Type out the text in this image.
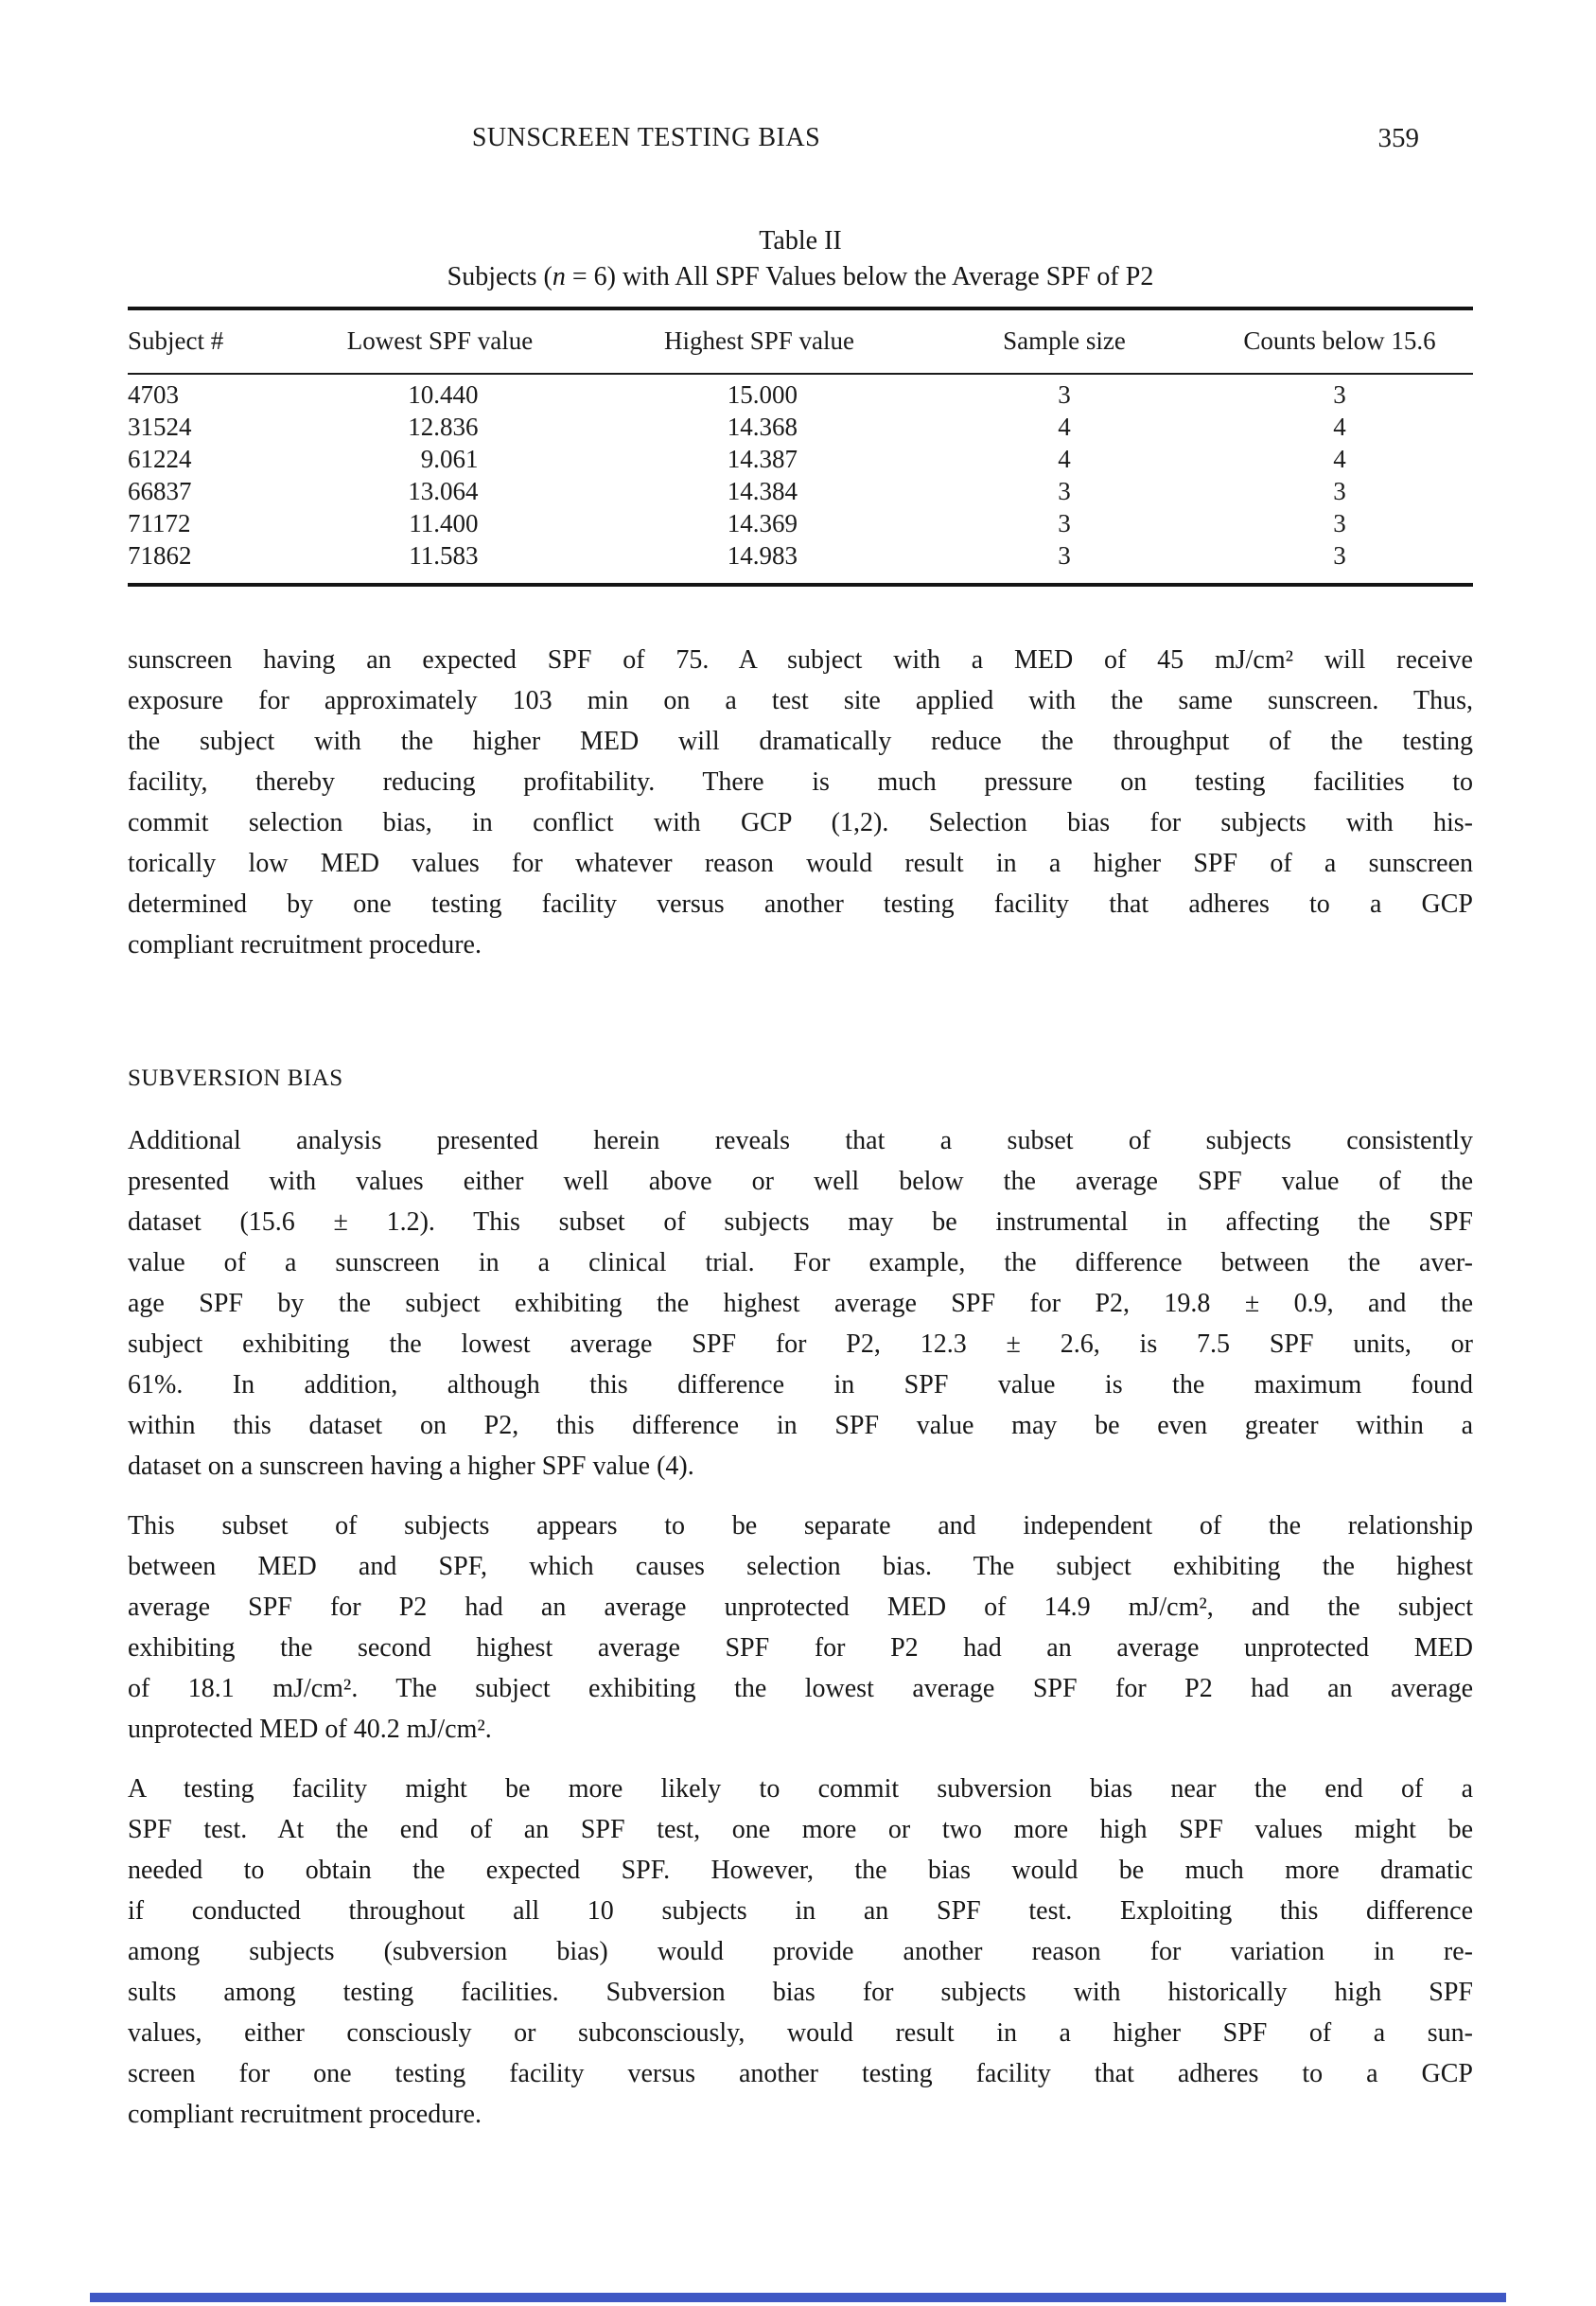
SUNSCREEN TESTING BIAS	359
Table II
Subjects (n = 6) with All SPF Values below the Average SPF of P2
Subject #	Lowest SPF value	Highest SPF value	Sample size	Counts below 15.6
4703	10.440	15.000	3	3
31524	12.836	14.368	4	4
61224	9.061	14.387	4	4
66837	13.064	14.384	3	3
71172	11.400	14.369	3	3
71862	11.583	14.983	3	3
sunscreen having an expected SPF of 75. A subject with a MED of 45 mJ/cm² will receive
exposure for approximately 103 min on a test site applied with the same sunscreen. Thus,
the subject with the higher MED will dramatically reduce the throughput of the testing
facility, thereby reducing profitability. There is much pressure on testing facilities to
commit selection bias, in conflict with GCP (1,2). Selection bias for subjects with his-
torically low MED values for whatever reason would result in a higher SPF of a sunscreen
determined by one testing facility versus another testing facility that adheres to a GCP
compliant recruitment procedure.
SUBVERSION BIAS
Additional analysis presented herein reveals that a subset of subjects consistently
presented with values either well above or well below the average SPF value of the
dataset (15.6 ± 1.2). This subset of subjects may be instrumental in affecting the SPF
value of a sunscreen in a clinical trial. For example, the difference between the aver-
age SPF by the subject exhibiting the highest average SPF for P2, 19.8 ± 0.9, and the
subject exhibiting the lowest average SPF for P2, 12.3 ± 2.6, is 7.5 SPF units, or
61%. In addition, although this difference in SPF value is the maximum found
within this dataset on P2, this difference in SPF value may be even greater within a
dataset on a sunscreen having a higher SPF value (4).
This subset of subjects appears to be separate and independent of the relationship
between MED and SPF, which causes selection bias. The subject exhibiting the highest
average SPF for P2 had an average unprotected MED of 14.9 mJ/cm², and the subject
exhibiting the second highest average SPF for P2 had an average unprotected MED
of 18.1 mJ/cm². The subject exhibiting the lowest average SPF for P2 had an average
unprotected MED of 40.2 mJ/cm².
A testing facility might be more likely to commit subversion bias near the end of a
SPF test. At the end of an SPF test, one more or two more high SPF values might be
needed to obtain the expected SPF. However, the bias would be much more dramatic
if conducted throughout all 10 subjects in an SPF test. Exploiting this difference
among subjects (subversion bias) would provide another reason for variation in re-
sults among testing facilities. Subversion bias for subjects with historically high SPF
values, either consciously or subconsciously, would result in a higher SPF of a sun-
screen for one testing facility versus another testing facility that adheres to a GCP
compliant recruitment procedure.
